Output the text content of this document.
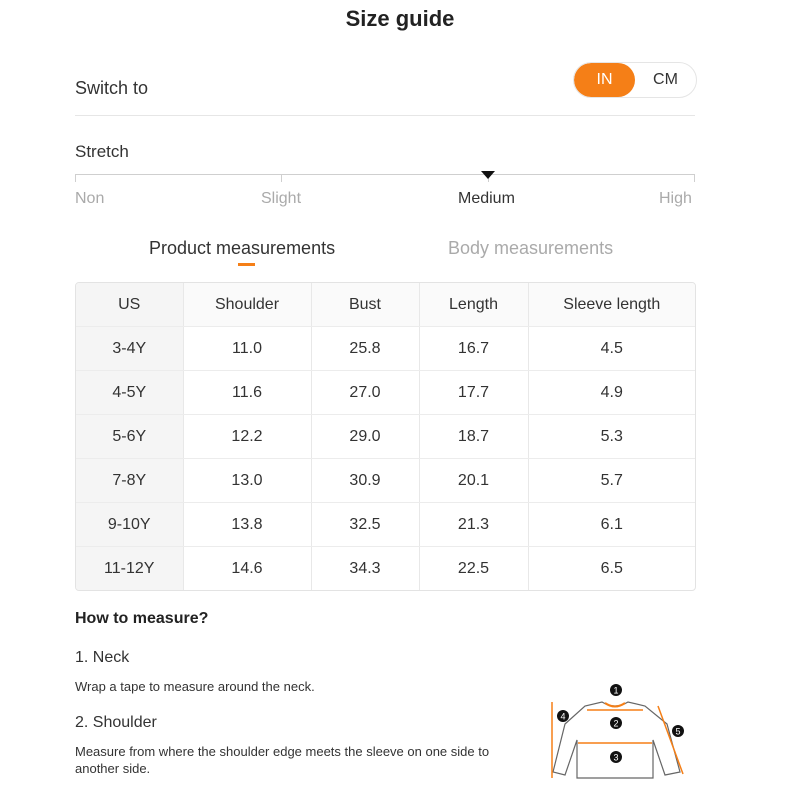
Size guide
Switch to	IN	CM
Stretch
Non	Slight	Medium	High
Product measurements	Body measurements
US	Shoulder	Bust	Length	Sleeve length
3-4Y	11.0	25.8	16.7	4.5
4-5Y	11.6	27.0	17.7	4.9
5-6Y	12.2	29.0	18.7	5.3
7-8Y	13.0	30.9	20.1	5.7
9-10Y	13.8	32.5	21.3	6.1
11-12Y	14.6	34.3	22.5	6.5
How to measure?
1. Neck
Wrap a tape to measure around the neck.
2. Shoulder
Measure from where the shoulder edge meets the sleeve on one side to another side.
1
2
3
4
5
